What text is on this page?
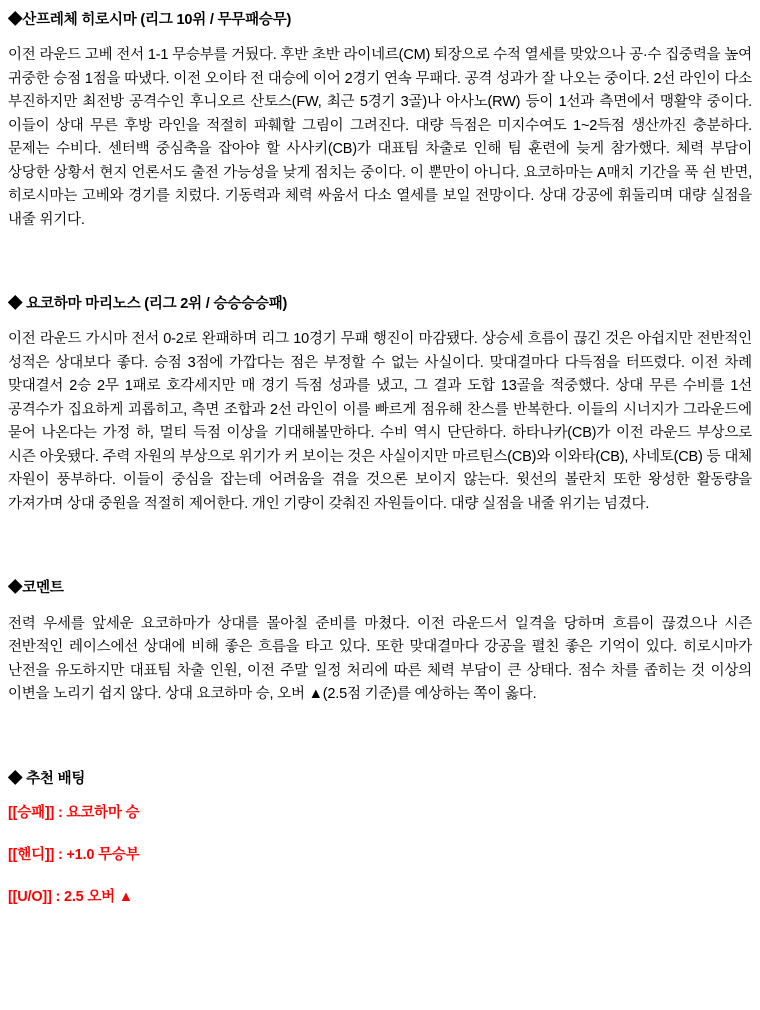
◆산프레체 히로시마 (리그 10위 / 무무패승무)

이전 라운드 고베 전서 1-1 무승부를 거뒀다. 후반 초반 라이네르(CM) 퇴장으로 수적 열세를 맞았으나 공·수 집중력을 높여 귀중한 승점 1점을 따냈다. 이전 오이타 전 대승에 이어 2경기 연속 무패다. 공격 성과가 잘 나오는 중이다. 2선 라인이 다소 부진하지만 최전방 공격수인 후니오르 산토스(FW, 최근 5경기 3골)나 아사노(RW) 등이 1선과 측면에서 맹활약 중이다. 이들이 상대 무른 후방 라인을 적절히 파훼할 그림이 그려진다. 대량 득점은 미지수여도 1~2득점 생산까진 충분하다. 문제는 수비다. 센터백 중심축을 잡아야 할 사사키(CB)가 대표팀 차출로 인해 팀 훈련에 늦게 참가했다. 체력 부담이 상당한 상황서 현지 언론서도 출전 가능성을 낮게 점치는 중이다. 이 뿐만이 아니다. 요코하마는 A매치 기간을 푹 쉰 반면, 히로시마는 고베와 경기를 치렀다. 기동력과 체력 싸움서 다소 열세를 보일 전망이다. 상대 강공에 휘둘리며 대량 실점을 내줄 위기다.

◆ 요코하마 마리노스 (리그 2위 / 승승승승패)

이전 라운드 가시마 전서 0-2로 완패하며 리그 10경기 무패 행진이 마감됐다. 상승세 흐름이 끊긴 것은 아쉽지만 전반적인 성적은 상대보다 좋다. 승점 3점에 가깝다는 점은 부정할 수 없는 사실이다. 맞대결마다 다득점을 터뜨렸다. 이전 차례 맞대결서 2승 2무 1패로 호각세지만 매 경기 득점 성과를 냈고, 그 결과 도합 13골을 적중했다. 상대 무른 수비를 1선 공격수가 집요하게 괴롭히고, 측면 조합과 2선 라인이 이를 빠르게 점유해 찬스를 반복한다. 이들의 시너지가 그라운드에 묻어 나온다는 가정 하, 멀티 득점 이상을 기대해볼만하다. 수비 역시 단단하다. 하타나카(CB)가 이전 라운드 부상으로 시즌 아웃됐다. 주력 자원의 부상으로 위기가 커 보이는 것은 사실이지만 마르틴스(CB)와 이와타(CB), 사네토(CB) 등 대체 자원이 풍부하다. 이들이 중심을 잡는데 어려움을 겪을 것으론 보이지 않는다. 윗선의 볼란치 또한 왕성한 활동량을 가져가며 상대 중원을 적절히 제어한다. 개인 기량이 갖춰진 자원들이다. 대량 실점을 내줄 위기는 넘겼다.

◆코멘트

전력 우세를 앞세운 요코하마가 상대를 몰아칠 준비를 마쳤다. 이전 라운드서 일격을 당하며 흐름이 끊겼으나 시즌 전반적인 레이스에선 상대에 비해 좋은 흐름을 타고 있다. 또한 맞대결마다 강공을 펼친 좋은 기억이 있다. 히로시마가 난전을 유도하지만 대표팀 차출 인원, 이전 주말 일정 처리에 따른 체력 부담이 큰 상태다. 점수 차를 좁히는 것 이상의 이변을 노리기 쉽지 않다. 상대 요코하마 승, 오버 ▲(2.5점 기준)를 예상하는 쪽이 옳다.

◆ 추천 배팅
[[승패]] : 요코하마 승
[[핸디]] : +1.0 무승부
[[U/O]] : 2.5 오버 ▲
